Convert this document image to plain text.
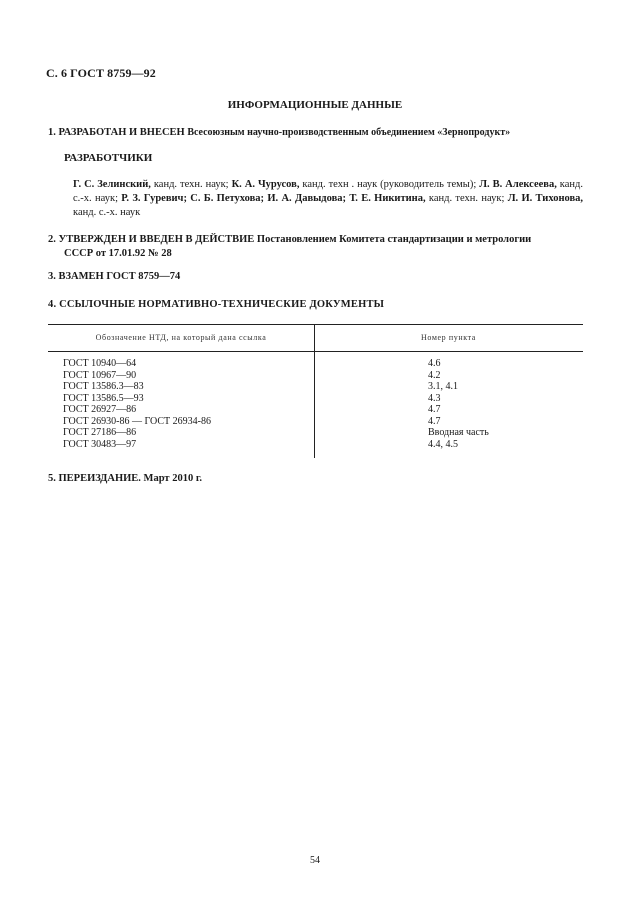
С. 6 ГОСТ 8759—92
ИНФОРМАЦИОННЫЕ ДАННЫЕ
1. РАЗРАБОТАН И ВНЕСЕН Всесоюзным научно-производственным объединением «Зернопродукт»
РАЗРАБОТЧИКИ
Г. С. Зелинский, канд. техн. наук; К. А. Чурусов, канд. техн . наук (руководитель темы); Л. В. Алексеева, канд. с.-х. наук; Р. З. Гуревич; С. Б. Петухова; И. А. Давыдова; Т. Е. Никитина, канд. техн. наук; Л. И. Тихонова, канд. с.-х. наук
2. УТВЕРЖДЕН И ВВЕДЕН В ДЕЙСТВИЕ Постановлением Комитета стандартизации и метрологии
СССР от 17.01.92 № 28
3. ВЗАМЕН ГОСТ 8759—74
4. ССЫЛОЧНЫЕ НОРМАТИВНО-ТЕХНИЧЕСКИЕ ДОКУМЕНТЫ
Обозначение НТД, на который дана ссылка	Номер пункта
ГОСТ 10940—64	4.6
ГОСТ 10967—90	4.2
ГОСТ 13586.3—83	3.1, 4.1
ГОСТ 13586.5—93	4.3
ГОСТ 26927—86	4.7
ГОСТ 26930-86 — ГОСТ 26934-86	4.7
ГОСТ 27186—86	Вводная часть
ГОСТ 30483—97	4.4, 4.5
5. ПЕРЕИЗДАНИЕ. Март 2010 г.
54
